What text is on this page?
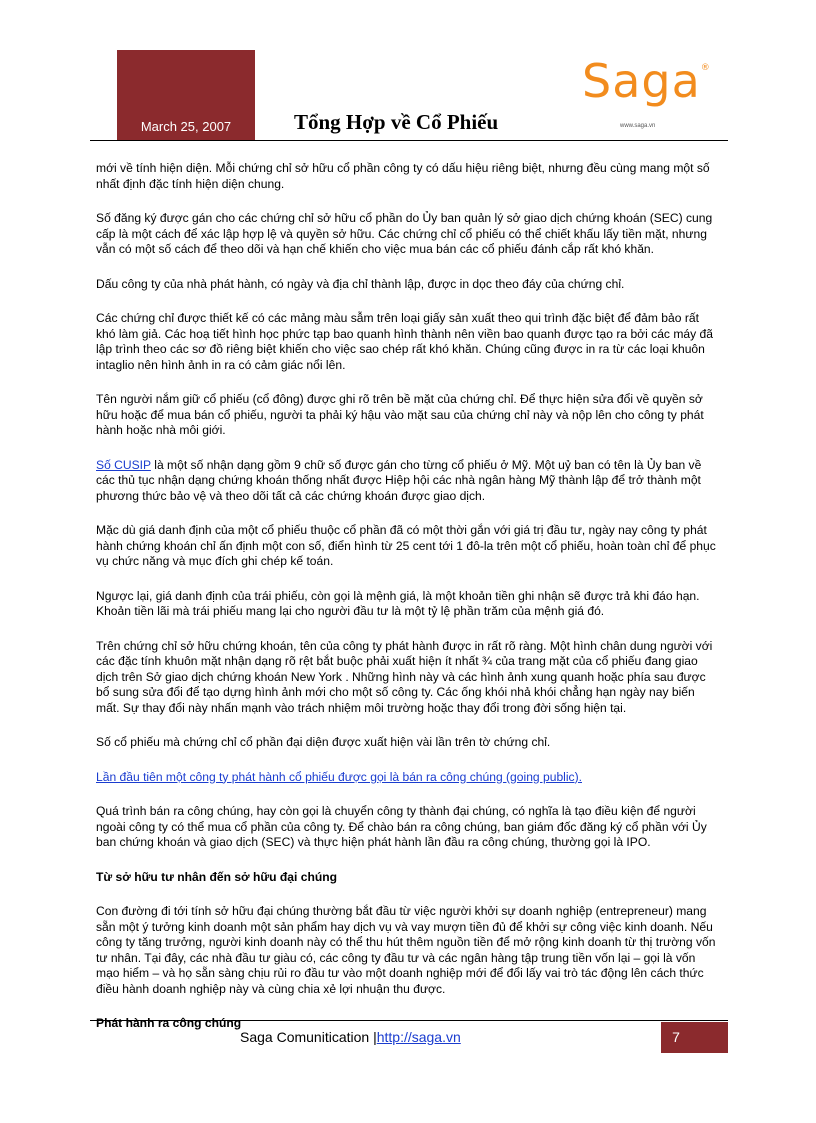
March 25, 2007	Tổng Hợp về Cổ Phiếu
Saga®
www.saga.vn

mới về tính hiện diện. Mỗi chứng chỉ sở hữu cổ phần công ty có dấu hiệu riêng biệt, nhưng đều cùng mang một số nhất định đặc tính hiện diện chung.

Số đăng ký được gán cho các chứng chỉ sở hữu cổ phần do Ủy ban quản lý sở giao dịch chứng khoán (SEC) cung cấp là một cách để xác lập hợp lệ và quyền sở hữu. Các chứng chỉ cổ phiếu có thể chiết khấu lấy tiền mặt, nhưng vẫn có một số cách để theo dõi và hạn chế khiến cho việc mua bán các cổ phiếu đánh cắp rất khó khăn.

Dấu công ty của nhà phát hành, có ngày và địa chỉ thành lập, được in dọc theo đáy của chứng chỉ.

Các chứng chỉ được thiết kế có các mảng màu sẫm trên loại giấy sản xuất theo qui trình đặc biệt để đảm bảo rất khó làm giả. Các hoạ tiết hình học phức tạp bao quanh hình thành nên viền bao quanh được tạo ra bởi các máy đã lập trình theo các sơ đồ riêng biệt khiến cho việc sao chép rất khó khăn. Chúng cũng được in ra từ các loại khuôn intaglio nên hình ảnh in ra có cảm giác nổi lên.

Tên người nắm giữ cổ phiếu (cổ đông) được ghi rõ trên bề mặt của chứng chỉ. Để thực hiện sửa đổi về quyền sở hữu hoặc để mua bán cổ phiếu, người ta phải ký hậu vào mặt sau của chứng chỉ này và nộp lên cho công ty phát hành hoặc nhà môi giới.

Số CUSIP là một số nhận dạng gồm 9 chữ số được gán cho từng cổ phiếu ở Mỹ. Một uỷ ban có tên là Ủy ban về các thủ tục nhận dạng chứng khoán thống nhất được Hiệp hội các nhà ngân hàng Mỹ thành lập để trở thành một phương thức bảo vệ và theo dõi tất cả các chứng khoán được giao dịch.

Mặc dù giá danh định của một cổ phiếu thuộc cổ phần đã có một thời gắn với giá trị đầu tư, ngày nay công ty phát hành chứng khoán chỉ ấn định một con số, điển hình từ 25 cent tới 1 đô-la trên một cổ phiếu, hoàn toàn chỉ để phục vụ chức năng và mục đích ghi chép kế toán.

Ngược lại, giá danh định của trái phiếu, còn gọi là mệnh giá, là một khoản tiền ghi nhận sẽ được trả khi đáo hạn. Khoản tiền lãi mà trái phiếu mang lại cho người đầu tư là một tỷ lệ phần trăm của mệnh giá đó.

Trên chứng chỉ sở hữu chứng khoán, tên của công ty phát hành được in rất rõ ràng. Một hình chân dung người với các đặc tính khuôn mặt nhận dạng rõ rệt bắt buộc phải xuất hiện ít nhất ¾ của trang mặt của cổ phiếu đang giao dịch trên Sở giao dịch chứng khoán New York . Những hình này và các hình ảnh xung quanh hoặc phía sau được bổ sung sửa đổi để tạo dựng hình ảnh mới cho một số công ty. Các ống khói nhả khói chẳng hạn ngày nay biến mất. Sự thay đổi này nhấn mạnh vào trách nhiệm môi trường hoặc thay đổi trong đời sống hiện tại.

Số cổ phiếu mà chứng chỉ cổ phần đại diện được xuất hiện vài lần trên tờ chứng chỉ.

Lần đầu tiên một công ty phát hành cổ phiếu được gọi là bán ra công chúng (going public).

Quá trình bán ra công chúng, hay còn gọi là chuyển công ty thành đại chúng, có nghĩa là tạo điều kiện để người ngoài công ty có thể mua cổ phần của công ty. Để chào bán ra công chúng, ban giám đốc đăng ký cổ phần với Ủy ban chứng khoán và giao dịch (SEC) và thực hiện phát hành lần đầu ra công chúng, thường gọi là IPO.

Từ sở hữu tư nhân đến sở hữu đại chúng

Con đường đi tới tính sở hữu đại chúng thường bắt đầu từ việc người khởi sự doanh nghiệp (entrepreneur) mang sẵn một ý tưởng kinh doanh một sản phẩm hay dịch vụ và vay mượn tiền đủ để khởi sự công việc kinh doanh. Nếu công ty tăng trưởng, người kinh doanh này có thể thu hút thêm nguồn tiền để mở rộng kinh doanh từ thị trường vốn tư nhân. Tại đây, các nhà đầu tư giàu có, các công ty đầu tư và các ngân hàng tập trung tiền vốn lại – gọi là vốn mạo hiểm – và họ sẵn sàng chịu rủi ro đầu tư vào một doanh nghiệp mới để đổi lấy vai trò tác động lên cách thức điều hành doanh nghiệp này và cùng chia xẻ lợi nhuận thu được.

Phát hành ra công chúng

Saga Comunitication |http://saga.vn	7
